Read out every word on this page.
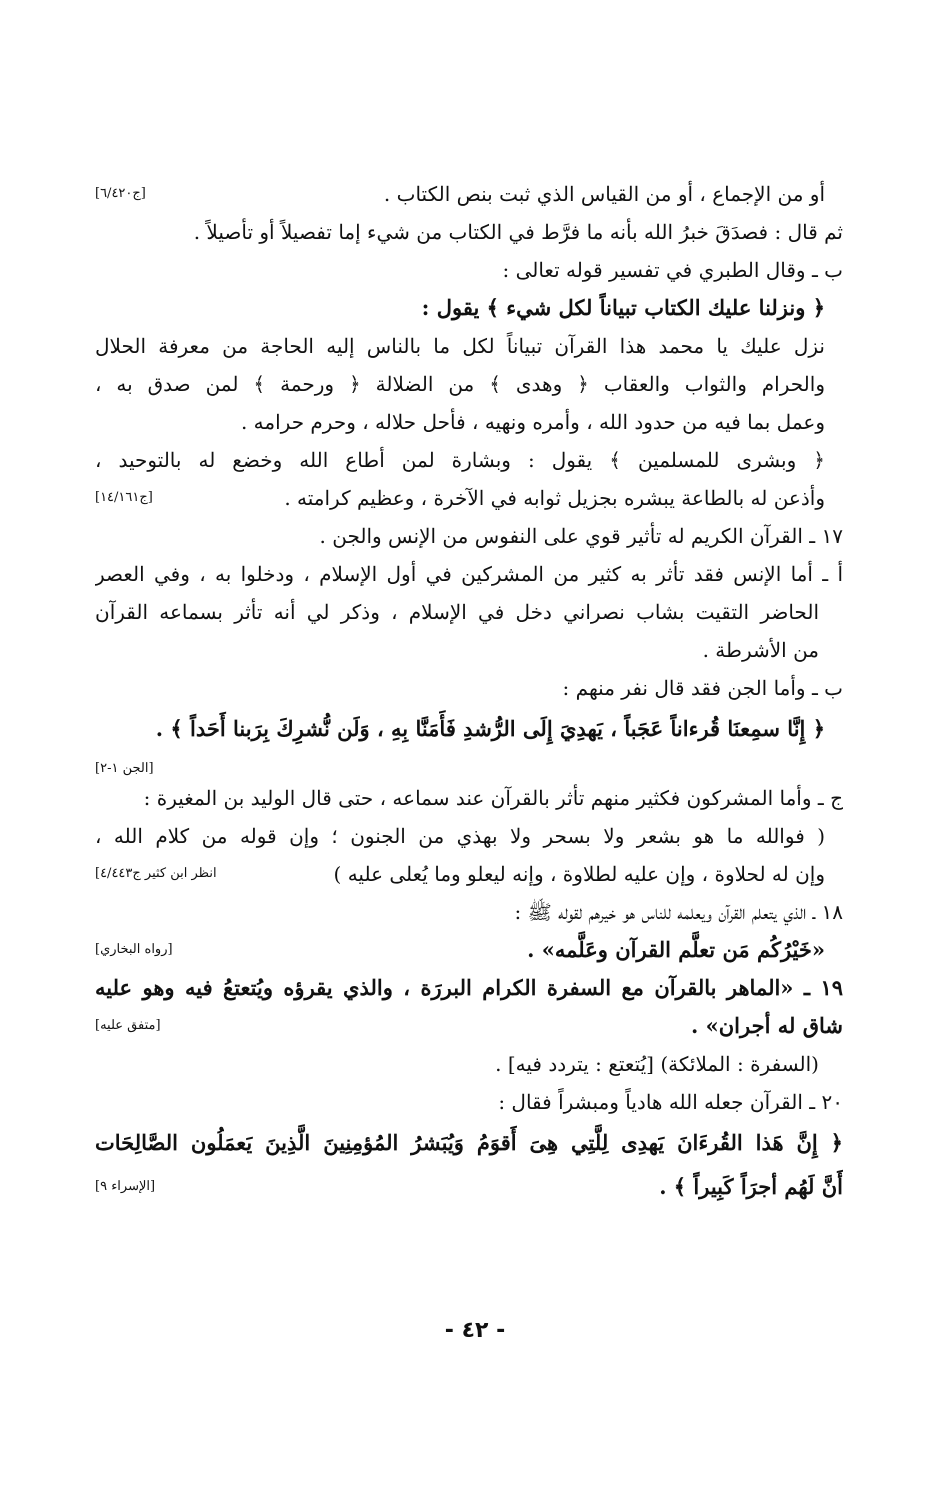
أو من الإجماع ، أو من القياس الذي ثبت بنص الكتاب .
[ج٦/٤٢٠]
ثم قال : فصدَقَ خبرُ الله بأنه ما فرَّط في الكتاب من شيء إما تفصيلاً أو تأصيلاً .
ب ـ وقال الطبري في تفسير قوله تعالى :
﴿ ونزلنا عليك الكتاب تبياناً لكل شيء ﴾ يقول :
نزل عليك يا محمد هذا القرآن تبياناً لكل ما بالناس إليه الحاجة من معرفة الحلال
والحرام والثواب والعقاب ﴿ وهدى ﴾ من الضلالة ﴿ ورحمة ﴾ لمن صدق به ،
وعمل بما فيه من حدود الله ، وأمره ونهيه ، فأحل حلاله ، وحرم حرامه .
﴿ وبشرى للمسلمين ﴾ يقول : وبشارة لمن أطاع الله وخضع له بالتوحيد ،
وأذعن له بالطاعة يبشره بجزيل ثوابه في الآخرة ، وعظيم كرامته .
[ج١٤/١٦١]
١٧ ـ القرآن الكريم له تأثير قوي على النفوس من الإنس والجن .
أ ـ أما الإنس فقد تأثر به كثير من المشركين في أول الإسلام ، ودخلوا به ، وفي العصر
الحاضر التقيت بشاب نصراني دخل في الإسلام ، وذكر لي أنه تأثر بسماعه القرآن
من الأشرطة .
ب ـ وأما الجن فقد قال نفر منهم :
﴿ إِنَّا سمِعنَا قُرءاناً عَجَباً ، يَهدِيَ إِلَى الرُّشدِ فَأَمَنَّا بِهِ ، وَلَن نُّشرِكَ بِرَبنا أَحَداً ﴾ .
[الجن ١-٢]
ج ـ وأما المشركون فكثير منهم تأثر بالقرآن عند سماعه ، حتى قال الوليد بن المغيرة :
( فوالله ما هو بشعر ولا بسحر ولا بهذي من الجنون ؛ وإن قوله من كلام الله ،
وإن له لحلاوة ، وإن عليه لطلاوة ، وإنه ليعلو وما يُعلى عليه )
انظر ابن كثير ج٤/٤٤٣]
١٨ ـ الذي يتعلم القرآن ويعلمه للناس هو خيرهم لقوله ﷺ :
«خَيْرُكُم مَن تعلَّم القرآن وعَلَّمه» .
[رواه البخاري]
١٩ ـ «الماهر بالقرآن مع السفرة الكرام البررَة ، والذي يقرؤه ويُتعتعُ فيه وهو عليه
شاق له أجران» .
[متفق عليه]
(السفرة : الملائكة) [يُتعتع : يتردد فيه] .
٢٠ ـ القرآن جعله الله هادياً ومبشراً فقال :
﴿ إِنَّ هَذا القُرءَانَ يَهدِى لِلَّتِي هِىَ أَقوَمُ وَيُبَشرُ المُؤمِنِينَ الَّذِينَ يَعمَلُون الصَّالِحَات
أَنَّ لَهُم أجرَاً كَبِيراً ﴾ .
[الإسراء ٩]
- ٤٢ -
